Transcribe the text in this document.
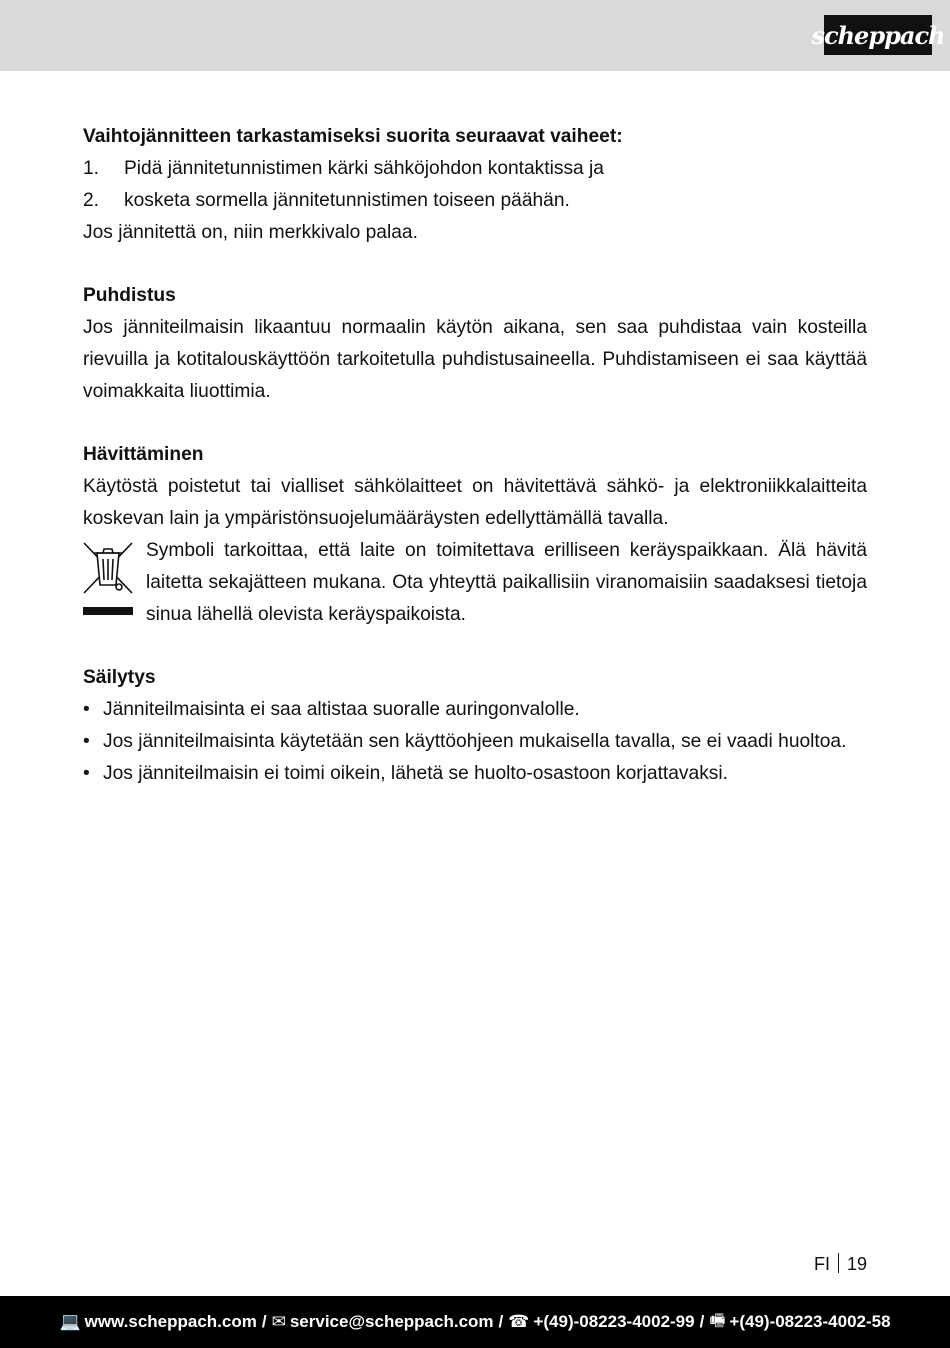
scheppach

Vaihtojännitteen tarkastamiseksi suorita seuraavat vaiheet:

1.	Pidä jännitetunnistimen kärki sähköjohdon kontaktissa ja
2.	kosketa sormella jännitetunnistimen toiseen päähän.

Jos jännitettä on, niin merkkivalo palaa.

Puhdistus

Jos jänniteilmaisin likaantuu normaalin käytön aikana, sen saa puhdistaa vain kosteilla rievuilla ja kotitalouskäyttöön tarkoitetulla puhdistusaineella. Puhdistamiseen ei saa käyttää voimakkaita liuottimia.

Hävittäminen

Käytöstä poistetut tai vialliset sähkölaitteet on hävitettävä sähkö- ja elektroniikkalaitteita koskevan lain ja ympäristönsuojelumääräysten edellyttämällä tavalla.

Symboli tarkoittaa, että laite on toimitettava erilliseen keräyspaikkaan. Älä hävitä laitetta sekajätteen mukana. Ota yhteyttä paikallisiin viranomaisiin saadaksesi tietoja sinua lähellä olevista keräyspaikoista.

Säilytys

• Jänniteilmaisinta ei saa altistaa suoralle auringonvalolle.
• Jos jänniteilmaisinta käytetään sen käyttöohjeen mukaisella tavalla, se ei vaadi huoltoa.
• Jos jänniteilmaisin ei toimi oikein, lähetä se huolto-osastoon korjattavaksi.
FI 19
💻 www.scheppach.com / ✉ service@scheppach.com / ☎ +(49)-08223-4002-99 / 🖷 +(49)-08223-4002-58
